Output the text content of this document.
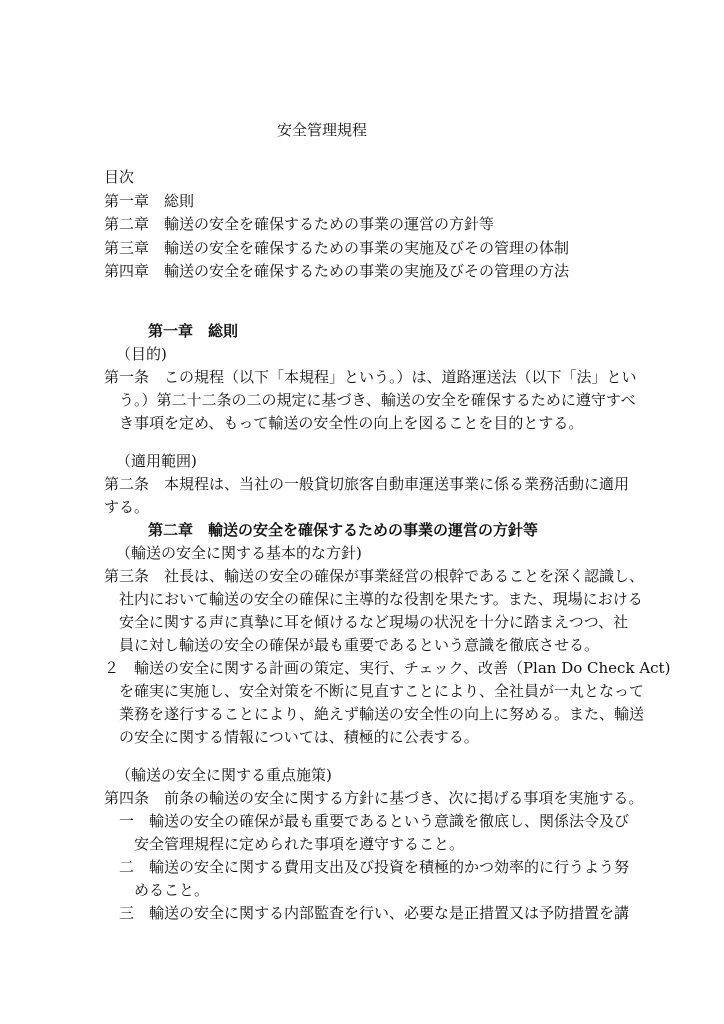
安全管理規程
目次
第一章　総則
第二章　輸送の安全を確保するための事業の運営の方針等
第三章　輸送の安全を確保するための事業の実施及びその管理の体制
第四章　輸送の安全を確保するための事業の実施及びその管理の方法
第一章　総則
（目的)
第一条　この規程（以下「本規程」という。）は、道路運送法（以下「法」とい
う。）第二十二条の二の規定に基づき、輸送の安全を確保するために遵守すべ
き事項を定め、もって輸送の安全性の向上を図ることを目的とする。
（適用範囲)
第二条　本規程は、当社の一般貸切旅客自動車運送事業に係る業務活動に適用
する。
第二章　輸送の安全を確保するための事業の運営の方針等
（輸送の安全に関する基本的な方針)
第三条　社長は、輸送の安全の確保が事業経営の根幹であることを深く認識し、
社内において輸送の安全の確保に主導的な役割を果たす。また、現場における
安全に関する声に真摯に耳を傾けるなど現場の状況を十分に踏まえつつ、社
員に対し輸送の安全の確保が最も重要であるという意識を徹底させる。
２　輸送の安全に関する計画の策定、実行、チェック、改善（Plan Do Check Act)
を確実に実施し、安全対策を不断に見直すことにより、全社員が一丸となって
業務を遂行することにより、絶えず輸送の安全性の向上に努める。また、輸送
の安全に関する情報については、積極的に公表する。
（輸送の安全に関する重点施策)
第四条　前条の輸送の安全に関する方針に基づき、次に掲げる事項を実施する。
一　輸送の安全の確保が最も重要であるという意識を徹底し、関係法令及び
安全管理規程に定められた事項を遵守すること。
二　輸送の安全に関する費用支出及び投資を積極的かつ効率的に行うよう努
めること。
三　輸送の安全に関する内部監査を行い、必要な是正措置又は予防措置を講
